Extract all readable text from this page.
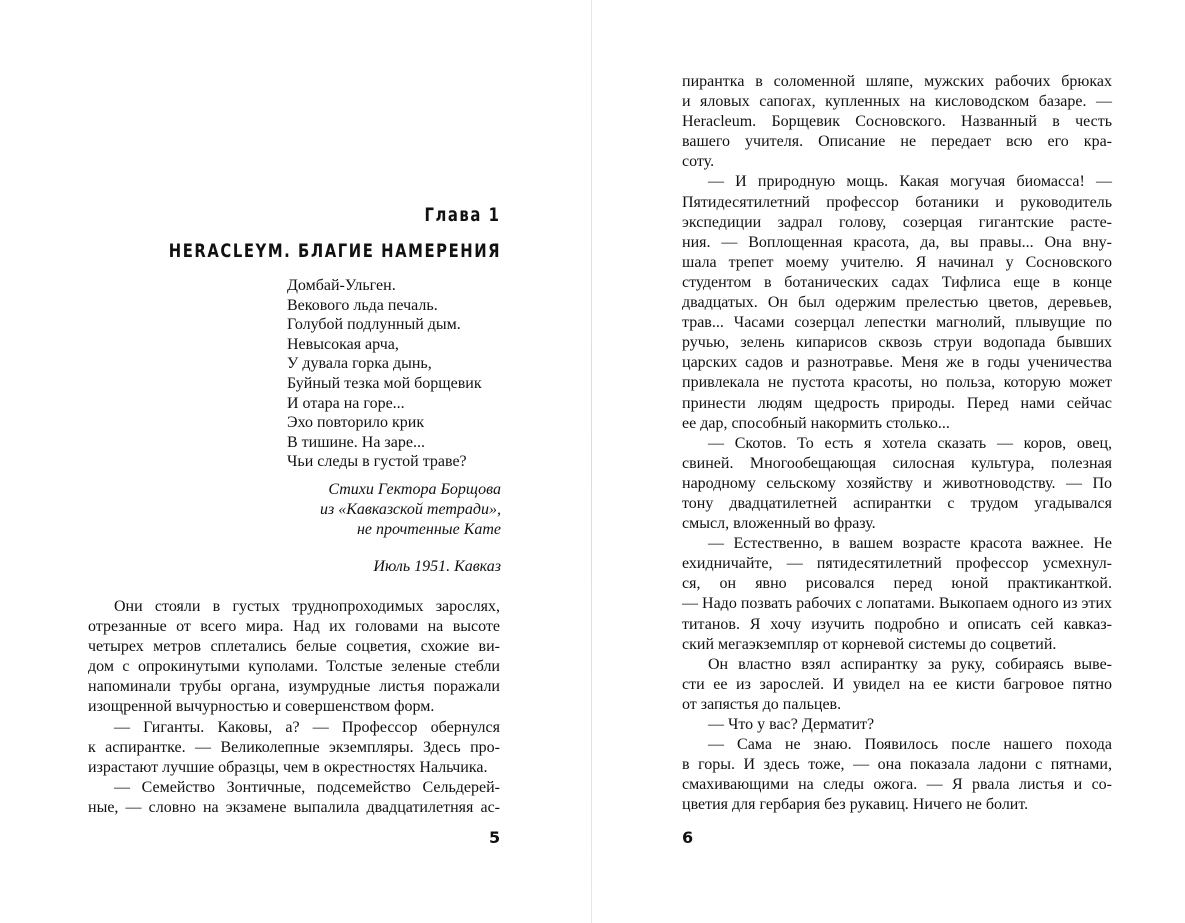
Глава 1
HERACLEYM. БЛАГИЕ НАМЕРЕНИЯ
Домбай-Ульген.
Векового льда печаль.
Голубой подлунный дым.
Невысокая арча,
У дувала горка дынь,
Буйный тезка мой борщевик
И отара на горе...
Эхо повторило крик
В тишине. На заре...
Чьи следы в густой траве?
Стихи Гектора Борщова
из «Кавказской тетради»,
не прочтенные Кате
Июль 1951. Кавказ
Они стояли в густых труднопроходимых зарослях,
отрезанные от всего мира. Над их головами на высоте
четырех метров сплетались белые соцветия, схожие ви-
дом с опрокинутыми куполами. Толстые зеленые стебли
напоминали трубы органа, изумрудные листья поражали
изощренной вычурностью и совершенством форм.
— Гиганты. Каковы, а? — Профессор обернулся
к аспирантке. — Великолепные экземпляры. Здесь про-
израстают лучшие образцы, чем в окрестностях Нальчика.
— Семейство Зонтичные, подсемейство Сельдерей-
ные, — словно на экзамене выпалила двадцатилетняя ас-
5
пирантка в соломенной шляпе, мужских рабочих брюках
и яловых сапогах, купленных на кисловодском базаре. —
Heracleum. Борщевик Сосновского. Названный в честь
вашего учителя. Описание не передает всю его кра-
соту.
— И природную мощь. Какая могучая биомасса! —
Пятидесятилетний профессор ботаники и руководитель
экспедиции задрал голову, созерцая гигантские расте-
ния. — Воплощенная красота, да, вы правы... Она вну-
шала трепет моему учителю. Я начинал у Сосновского
студентом в ботанических садах Тифлиса еще в конце
двадцатых. Он был одержим прелестью цветов, деревьев,
трав... Часами созерцал лепестки магнолий, плывущие по
ручью, зелень кипарисов сквозь струи водопада бывших
царских садов и разнотравье. Меня же в годы ученичества
привлекала не пустота красоты, но польза, которую может
принести людям щедрость природы. Перед нами сейчас
ее дар, способный накормить столько...
— Скотов. То есть я хотела сказать — коров, овец,
свиней. Многообещающая силосная культура, полезная
народному сельскому хозяйству и животноводству. — По
тону двадцатилетней аспирантки с трудом угадывался
смысл, вложенный во фразу.
— Естественно, в вашем возрасте красота важнее. Не
ехидничайте, — пятидесятилетний профессор усмехнул-
ся, он явно рисовался перед юной практиканткой.
— Надо позвать рабочих с лопатами. Выкопаем одного из этих
титанов. Я хочу изучить подробно и описать сей кавказ-
ский мегаэкземпляр от корневой системы до соцветий.
Он властно взял аспирантку за руку, собираясь выве-
сти ее из зарослей. И увидел на ее кисти багровое пятно
от запястья до пальцев.
— Что у вас? Дерматит?
— Сама не знаю. Появилось после нашего похода
в горы. И здесь тоже, — она показала ладони с пятнами,
смахивающими на следы ожога. — Я рвала листья и со-
цветия для гербария без рукавиц. Ничего не болит.
6
